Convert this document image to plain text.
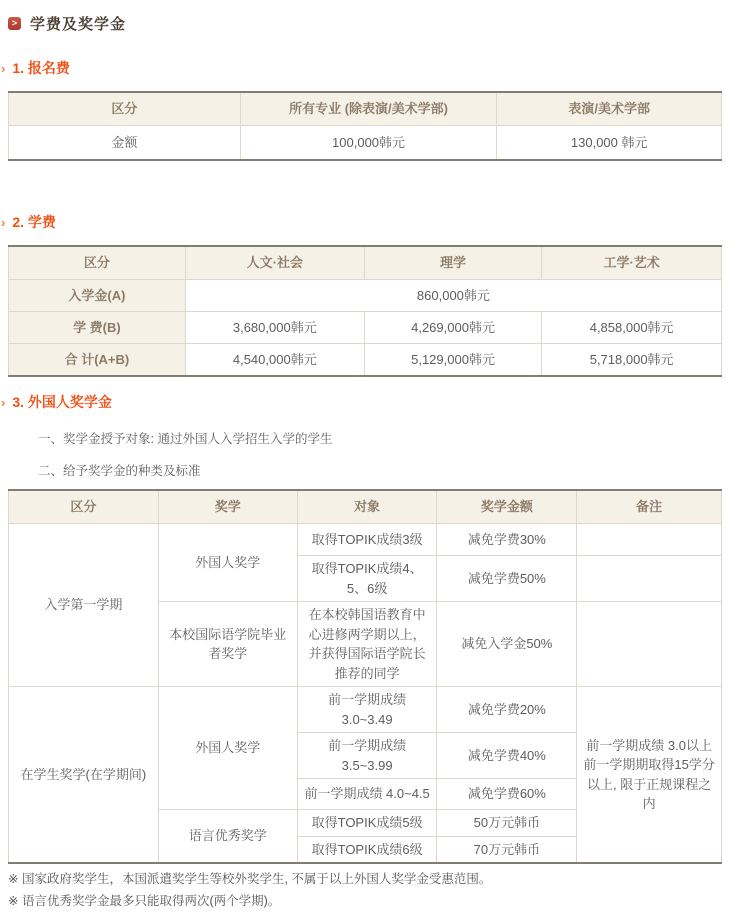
> 学费及奖学金
› 1. 报名费
区分	所有专业 (除表演/美术学部)	表演/美术学部
金额	100,000韩元	130,000 韩元
› 2. 学费
区分	人文·社会	理学	工学·艺术
入学金(A)	860,000韩元		
学 费(B)	3,680,000韩元	4,269,000韩元	4,858,000韩元
合 计(A+B)	4,540,000韩元	5,129,000韩元	5,718,000韩元
› 3. 外国人奖学金
一、奖学金授予对象: 通过外国人入学招生入学的学生
二、给予奖学金的种类及标准
区分	奖学	对象	奖学金额	备注
入学第一学期	外国人奖学	取得TOPIK成绩3级	减免学费30%	
		取得TOPIK成绩4、5、6级	减免学费50%	
	本校国际语学院毕业者奖学	在本校韩国语教育中心进修两学期以上，并获得国际语学院长推荐的同学	减免入学金50%	
在学生奖学(在学期间)	外国人奖学	前一学期成绩 3.0~3.49	减免学费20%	前一学期成绩 3.0以上 前一学期期取得15学分以上, 限于正规课程之内
		前一学期成绩 3.5~3.99	减免学费40%	
		前一学期成绩 4.0~4.5	减免学费60%	
	语言优秀奖学	取得TOPIK成绩5级	50万元韩币	
		取得TOPIK成绩6级	70万元韩币	
※ 国家政府奖学生，本国派遣奖学生等校外奖学生, 不属于以上外国人奖学金受惠范围。
※ 语言优秀奖学金最多只能取得两次(两个学期)。
